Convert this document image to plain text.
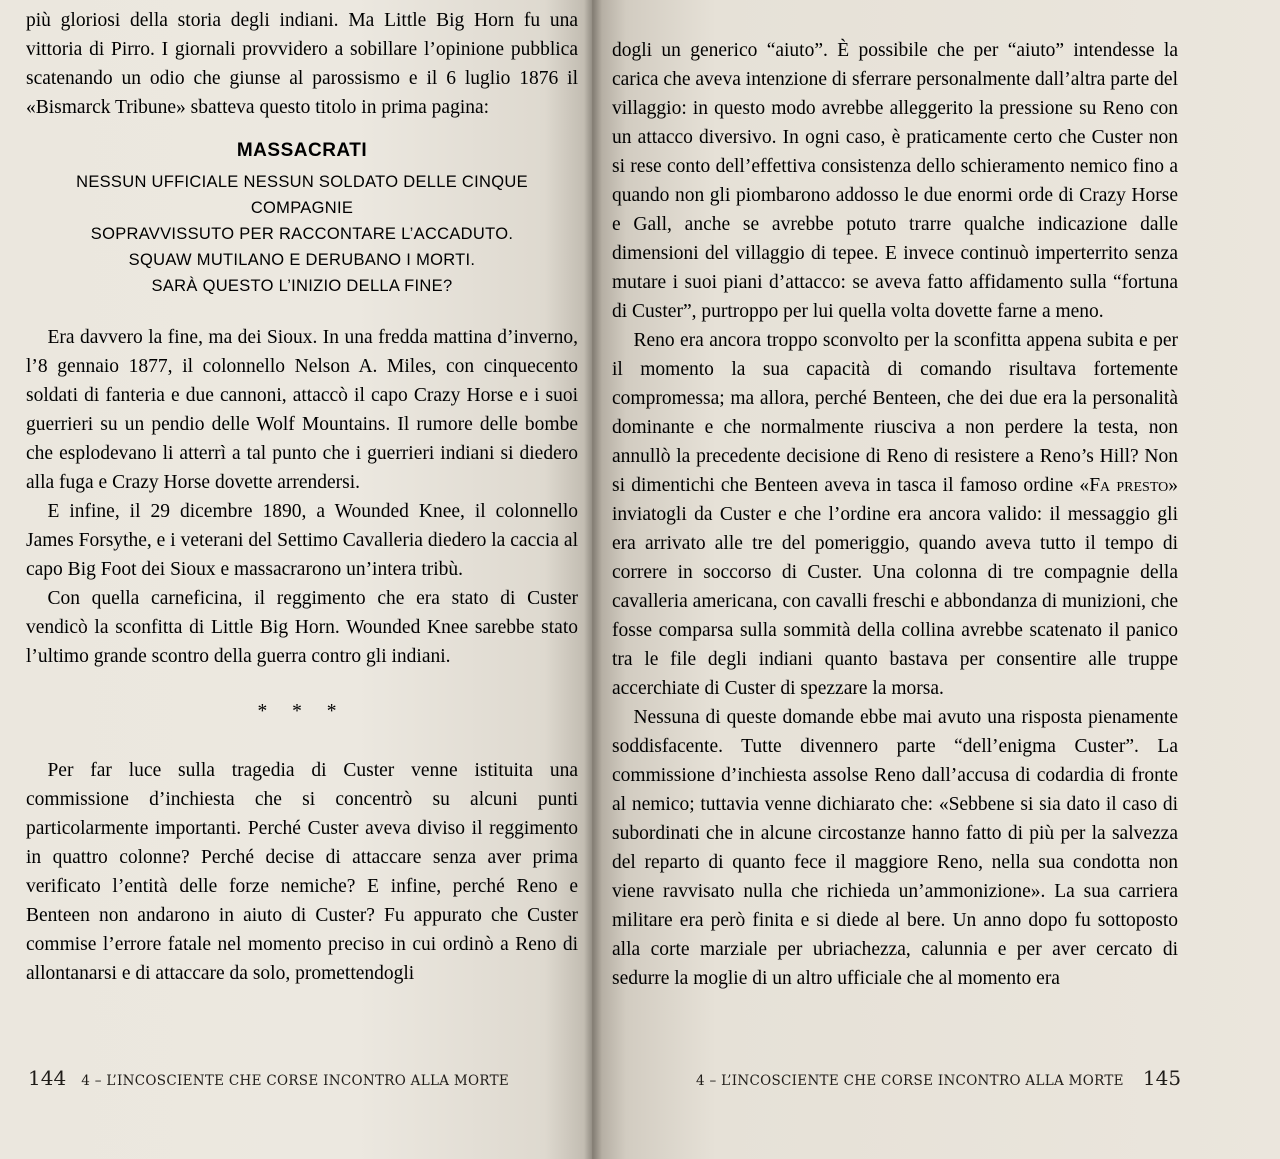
più gloriosi della storia degli indiani. Ma Little Big Horn fu una vittoria di Pirro. I giornali provvidero a sobillare l’opinione pubblica scatenando un odio che giunse al parossismo e il 6 luglio 1876 il «Bismarck Tribune» sbatteva questo titolo in prima pagina:

MASSACRATI
NESSUN UFFICIALE NESSUN SOLDATO DELLE CINQUE COMPAGNIE
SOPRAVVISSUTO PER RACCONTARE L’ACCADUTO.
SQUAW MUTILANO E DERUBANO I MORTI.
SARÀ QUESTO L’INIZIO DELLA FINE?

Era davvero la fine, ma dei Sioux. In una fredda mattina d’inverno, l’8 gennaio 1877, il colonnello Nelson A. Miles, con cinquecento soldati di fanteria e due cannoni, attaccò il capo Crazy Horse e i suoi guerrieri su un pendio delle Wolf Mountains. Il rumore delle bombe che esplodevano li atterrì a tal punto che i guerrieri indiani si diedero alla fuga e Crazy Horse dovette arrendersi.

E infine, il 29 dicembre 1890, a Wounded Knee, il colonnello James Forsythe, e i veterani del Settimo Cavalleria diedero la caccia al capo Big Foot dei Sioux e massacrarono un’intera tribù.

Con quella carneficina, il reggimento che era stato di Custer vendicò la sconfitta di Little Big Horn. Wounded Knee sarebbe stato l’ultimo grande scontro della guerra contro gli indiani.

* * *

Per far luce sulla tragedia di Custer venne istituita una commissione d’inchiesta che si concentrò su alcuni punti particolarmente importanti. Perché Custer aveva diviso il reggimento in quattro colonne? Perché decise di attaccare senza aver prima verificato l’entità delle forze nemiche? E infine, perché Reno e Benteen non andarono in aiuto di Custer? Fu appurato che Custer commise l’errore fatale nel momento preciso in cui ordinò a Reno di allontanarsi e di attaccare da solo, promettendogli

144 4 – L’INCOSCIENTE CHE CORSE INCONTRO ALLA MORTE

dogli un generico “aiuto”. È possibile che per “aiuto” intendesse la carica che aveva intenzione di sferrare personalmente dall’altra parte del villaggio: in questo modo avrebbe alleggerito la pressione su Reno con un attacco diversivo. In ogni caso, è praticamente certo che Custer non si rese conto dell’effettiva consistenza dello schieramento nemico fino a quando non gli piombarono addosso le due enormi orde di Crazy Horse e Gall, anche se avrebbe potuto trarre qualche indicazione dalle dimensioni del villaggio di tepee. E invece continuò imperterrito senza mutare i suoi piani d’attacco: se aveva fatto affidamento sulla “fortuna di Custer”, purtroppo per lui quella volta dovette farne a meno.

Reno era ancora troppo sconvolto per la sconfitta appena subita e per il momento la sua capacità di comando risultava fortemente compromessa; ma allora, perché Benteen, che dei due era la personalità dominante e che normalmente riusciva a non perdere la testa, non annullò la precedente decisione di Reno di resistere a Reno’s Hill? Non si dimentichi che Benteen aveva in tasca il famoso ordine «Fa presto» inviatogli da Custer e che l’ordine era ancora valido: il messaggio gli era arrivato alle tre del pomeriggio, quando aveva tutto il tempo di correre in soccorso di Custer. Una colonna di tre compagnie della cavalleria americana, con cavalli freschi e abbondanza di munizioni, che fosse comparsa sulla sommità della collina avrebbe scatenato il panico tra le file degli indiani quanto bastava per consentire alle truppe accerchiate di Custer di spezzare la morsa.

Nessuna di queste domande ebbe mai avuto una risposta pienamente soddisfacente. Tutte divennero parte “dell’enigma Custer”. La commissione d’inchiesta assolse Reno dall’accusa di codardia di fronte al nemico; tuttavia venne dichiarato che: «Sebbene si sia dato il caso di subordinati che in alcune circostanze hanno fatto di più per la salvezza del reparto di quanto fece il maggiore Reno, nella sua condotta non viene ravvisato nulla che richieda un’ammonizione». La sua carriera militare era però finita e si diede al bere. Un anno dopo fu sottoposto alla corte marziale per ubriachezza, calunnia e per aver cercato di sedurre la moglie di un altro ufficiale che al momento era

4 – L’INCOSCIENTE CHE CORSE INCONTRO ALLA MORTE 145
